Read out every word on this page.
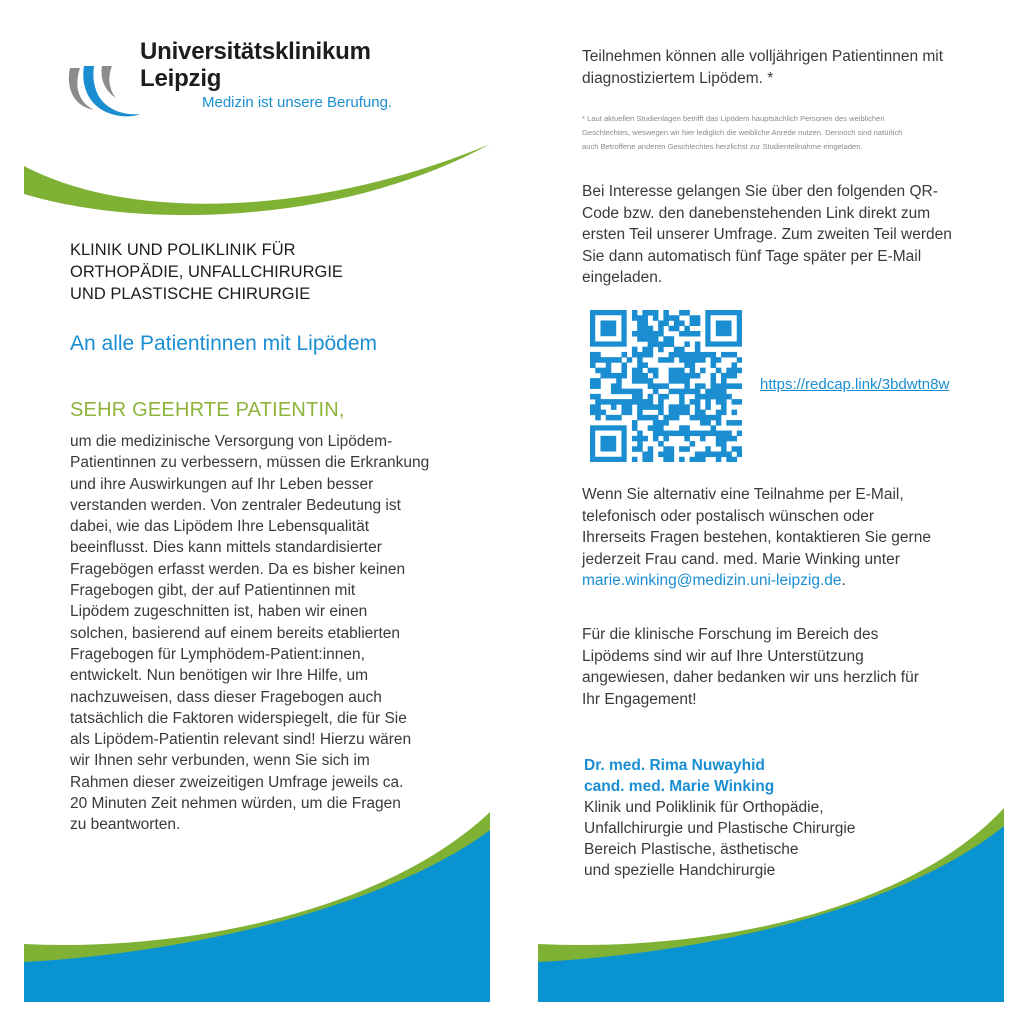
Universitätsklinikum
Leipzig

Medizin ist unsere Berufung.

KLINIK UND POLIKLINIK FÜR
ORTHOPÄDIE, UNFALLCHIRURGIE
UND PLASTISCHE CHIRURGIE

An alle Patientinnen mit Lipödem

SEHR GEEHRTE PATIENTIN,

um die medizinische Versorgung von Lipödem-
Patientinnen zu verbessern, müssen die Erkrankung
und ihre Auswirkungen auf Ihr Leben besser
verstanden werden. Von zentraler Bedeutung ist
dabei, wie das Lipödem Ihre Lebensqualität
beeinflusst. Dies kann mittels standardisierter
Fragebögen erfasst werden. Da es bisher keinen
Fragebogen gibt, der auf Patientinnen mit
Lipödem zugeschnitten ist, haben wir einen
solchen, basierend auf einem bereits etablierten
Fragebogen für Lymphödem-Patient:innen,
entwickelt. Nun benötigen wir Ihre Hilfe, um
nachzuweisen, dass dieser Fragebogen auch
tatsächlich die Faktoren widerspiegelt, die für Sie
als Lipödem-Patientin relevant sind! Hierzu wären
wir Ihnen sehr verbunden, wenn Sie sich im
Rahmen dieser zweizeitigen Umfrage jeweils ca.
20 Minuten Zeit nehmen würden, um die Fragen
zu beantworten.

Teilnehmen können alle volljährigen Patientinnen mit
diagnostiziertem Lipödem. *

* Laut aktuellen Studienlagen betrifft das Lipödem hauptsächlich Personen des weiblichen
Geschlechtes, weswegen wir hier lediglich die weibliche Anrede nutzen. Dennoch sind natürlich
auch Betroffene anderen Geschlechtes herzlichst zur Studienteilnahme eingeladen.

Bei Interesse gelangen Sie über den folgenden QR-
Code bzw. den danebenstehenden Link direkt zum
ersten Teil unserer Umfrage. Zum zweiten Teil werden
Sie dann automatisch fünf Tage später per E-Mail
eingeladen.

https://redcap.link/3bdwtn8w

Wenn Sie alternativ eine Teilnahme per E-Mail,
telefonisch oder postalisch wünschen oder
Ihrerseits Fragen bestehen, kontaktieren Sie gerne
jederzeit Frau cand. med. Marie Winking unter
marie.winking@medizin.uni-leipzig.de.

Für die klinische Forschung im Bereich des
Lipödems sind wir auf Ihre Unterstützung
angewiesen, daher bedanken wir uns herzlich für
Ihr Engagement!

Dr. med. Rima Nuwayhid
cand. med. Marie Winking

Klinik und Poliklinik für Orthopädie,
Unfallchirurgie und Plastische Chirurgie
Bereich Plastische, ästhetische
und spezielle Handchirurgie
